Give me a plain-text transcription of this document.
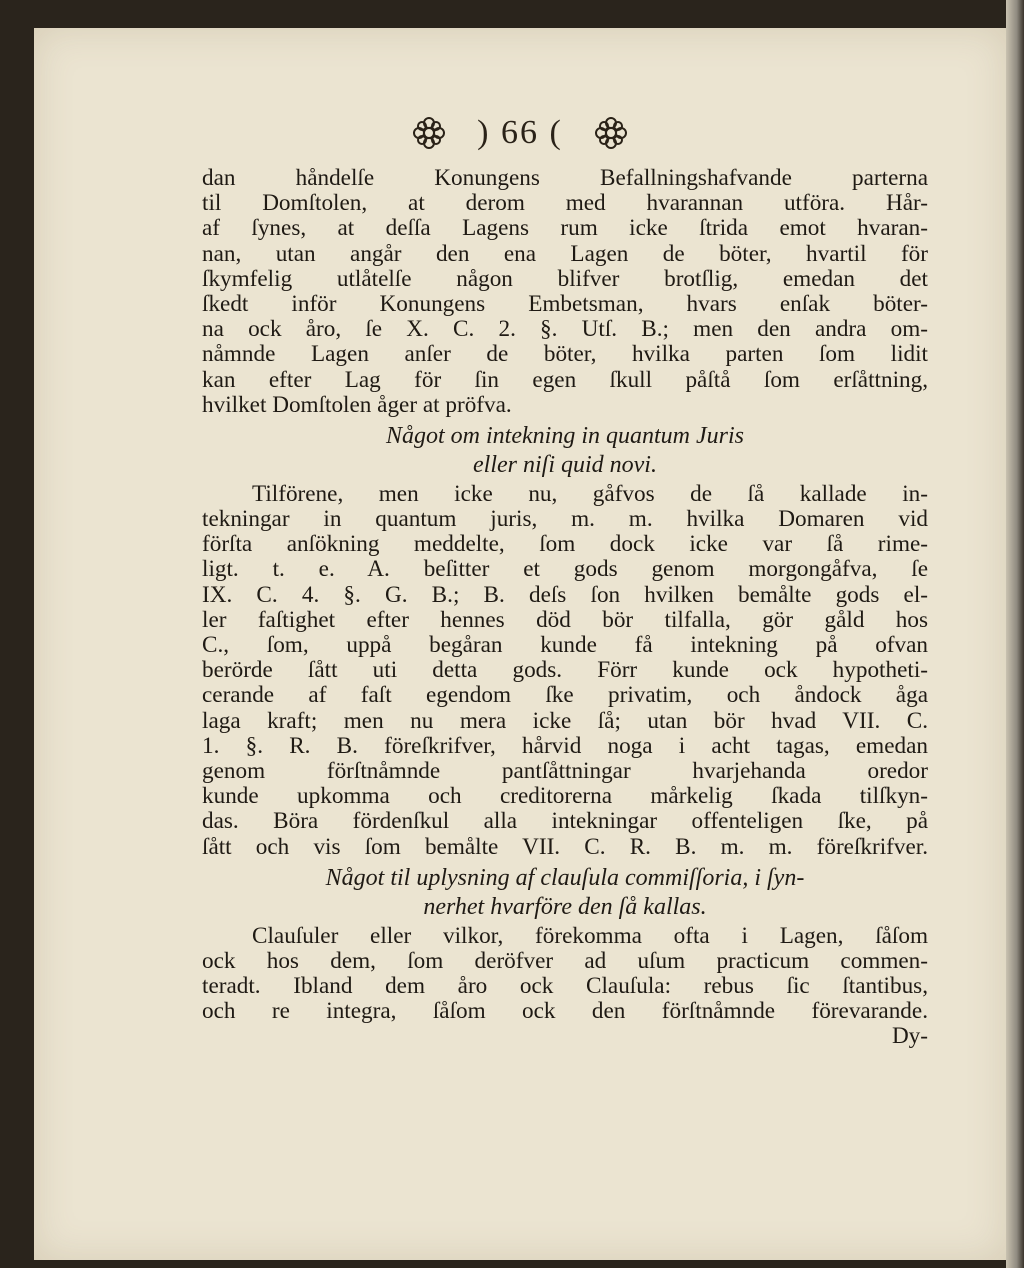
) 66 (
dan håndelſe Konungens Befallningshafvande parterna
til Domſtolen, at derom med hvarannan utföra. Hår-
af ſynes, at deſſa Lagens rum icke ſtrida emot hvaran-
nan, utan angår den ena Lagen de böter, hvartil för
ſkymfelig utlåtelſe någon blifver brotſlig, emedan det
ſkedt inför Konungens Embetsman, hvars enſak böter-
na ock åro, ſe X. C. 2. §. Utſ. B.; men den andra om-
nåmnde Lagen anſer de böter, hvilka parten ſom lidit
kan efter Lag för ſin egen ſkull påſtå ſom erſåttning,
hvilket Domſtolen åger at pröfva.
Något om intekning in quantum Juris
eller niſi quid novi.
Tilförene, men icke nu, gåfvos de ſå kallade in-
tekningar in quantum juris, m. m. hvilka Domaren vid
förſta anſökning meddelte, ſom dock icke var ſå rime-
ligt. t. e. A. beſitter et gods genom morgongåfva, ſe
IX. C. 4. §. G. B.; B. deſs ſon hvilken bemålte gods el-
ler faſtighet efter hennes död bör tilfalla, gör gåld hos
C., ſom, uppå begåran kunde få intekning på ofvan
berörde ſått uti detta gods. Förr kunde ock hypotheti-
cerande af faſt egendom ſke privatim, och åndock åga
laga kraft; men nu mera icke ſå; utan bör hvad VII. C.
1. §. R. B. föreſkrifver, hårvid noga i acht tagas, emedan
genom förſtnåmnde pantſåttningar hvarjehanda oredor
kunde upkomma och creditorerna mårkelig ſkada tilſkyn-
das. Böra fördenſkul alla intekningar offenteligen ſke, på
ſått och vis ſom bemålte VII. C. R. B. m. m. föreſkrifver.
Något til uplysning af clauſula commiſſoria, i ſyn-
nerhet hvarföre den ſå kallas.
Clauſuler eller vilkor, förekomma ofta i Lagen, ſåſom
ock hos dem, ſom deröfver ad uſum practicum commen-
teradt. Ibland dem åro ock Clauſula: rebus ſic ſtantibus,
och re integra, ſåſom ock den förſtnåmnde förevarande.
Dy-
